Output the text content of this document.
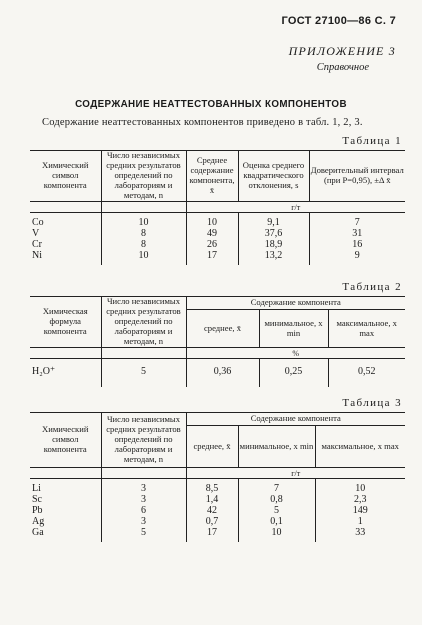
ГОСТ 27100—86 С. 7
ПРИЛОЖЕНИЕ 3
Справочное
СОДЕРЖАНИЕ НЕАТТЕСТОВАННЫХ КОМПОНЕНТОВ
Содержание неаттестованных компонентов приведено в табл. 1, 2, 3.
Таблица 1
Химический символ компонента	Число независимых средних результатов определений по лабораториям и методам, n	Среднее содержание компонента, x̄	Оценка среднего квадратического отклонения, s	Доверительный интервал (при P=0,95), ±Δ x̄
		г/т		

Co	10	10	9,1	7
V	8	49	37,6	31
Cr	8	26	18,9	16
Ni	10	17	13,2	9

Таблица 2
Химическая формула компонента	Число независимых средних результатов определений по лабораториям и методам, n	Содержание компонента		
		среднее, x̄	минимальное, x min	максимальное, x max
		%		
H₂O⁺	5	0,36	0,25	0,52

Таблица 3
Химический символ компонента	Число независимых средних результатов определений по лабораториям и методам, n	Содержание компонента		
		среднее, x̄	минимальное, x min	максимальное, x max
		г/т		

Li	3	8,5	7	10
Sc	3	1,4	0,8	2,3
Pb	6	42	5	149
Ag	3	0,7	0,1	1
Ga	5	17	10	33
